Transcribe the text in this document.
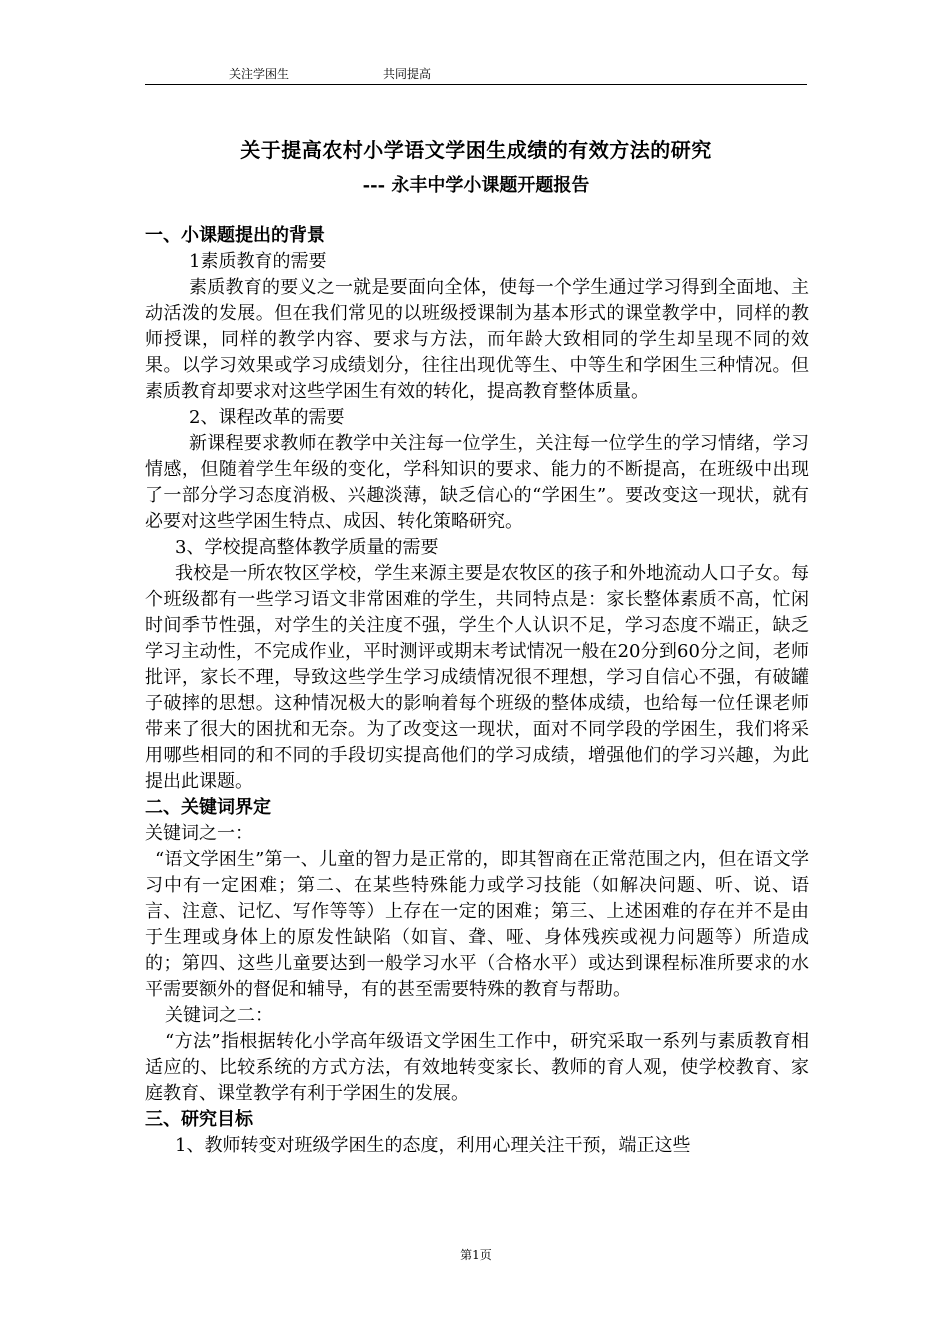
关注学困生	共同提高
关于提高农村小学语文学困生成绩的有效方法的研究
--- 永丰中学小课题开题报告

一、小课题提出的背景

1素质教育的需要

素质教育的要义之一就是要面向全体，使每一个学生通过学习得到全面地、主动活泼的发展。但在我们常见的以班级授课制为基本形式的课堂教学中，同样的教师授课，同样的教学内容、要求与方法，而年龄大致相同的学生却呈现不同的效果。以学习效果或学习成绩划分，往往出现优等生、中等生和学困生三种情况。但素质教育却要求对这些学困生有效的转化，提高教育整体质量。

2、课程改革的需要

新课程要求教师在教学中关注每一位学生，关注每一位学生的学习情绪，学习情感，但随着学生年级的变化，学科知识的要求、能力的不断提高，在班级中出现了一部分学习态度消极、兴趣淡薄，缺乏信心的“学困生”。要改变这一现状，就有必要对这些学困生特点、成因、转化策略研究。

3、学校提高整体教学质量的需要

我校是一所农牧区学校，学生来源主要是农牧区的孩子和外地流动人口子女。每个班级都有一些学习语文非常困难的学生，共同特点是：家长整体素质不高，忙闲时间季节性强，对学生的关注度不强，学生个人认识不足，学习态度不端正，缺乏学习主动性，不完成作业，平时测评或期末考试情况一般在20分到60分之间，老师批评，家长不理，导致这些学生学习成绩情况很不理想，学习自信心不强，有破罐子破摔的思想。这种情况极大的影响着每个班级的整体成绩，也给每一位任课老师带来了很大的困扰和无奈。为了改变这一现状，面对不同学段的学困生，我们将采用哪些相同的和不同的手段切实提高他们的学习成绩，增强他们的学习兴趣，为此提出此课题。

二、关键词界定

关键词之一：

“语文学困生”第一、儿童的智力是正常的，即其智商在正常范围之内，但在语文学习中有一定困难；第二、在某些特殊能力或学习技能（如解决问题、听、说、语言、注意、记忆、写作等等）上存在一定的困难；第三、上述困难的存在并不是由于生理或身体上的原发性缺陷（如盲、聋、哑、身体残疾或视力问题等）所造成的；第四、这些儿童要达到一般学习水平（合格水平）或达到课程标准所要求的水平需要额外的督促和辅导，有的甚至需要特殊的教育与帮助。

关键词之二：

“方法”指根据转化小学高年级语文学困生工作中，研究采取一系列与素质教育相适应的、比较系统的方式方法，有效地转变家长、教师的育人观，使学校教育、家庭教育、课堂教学有利于学困生的发展。

三、研究目标

1、教师转变对班级学困生的态度，利用心理关注干预，端正这些

第1页
